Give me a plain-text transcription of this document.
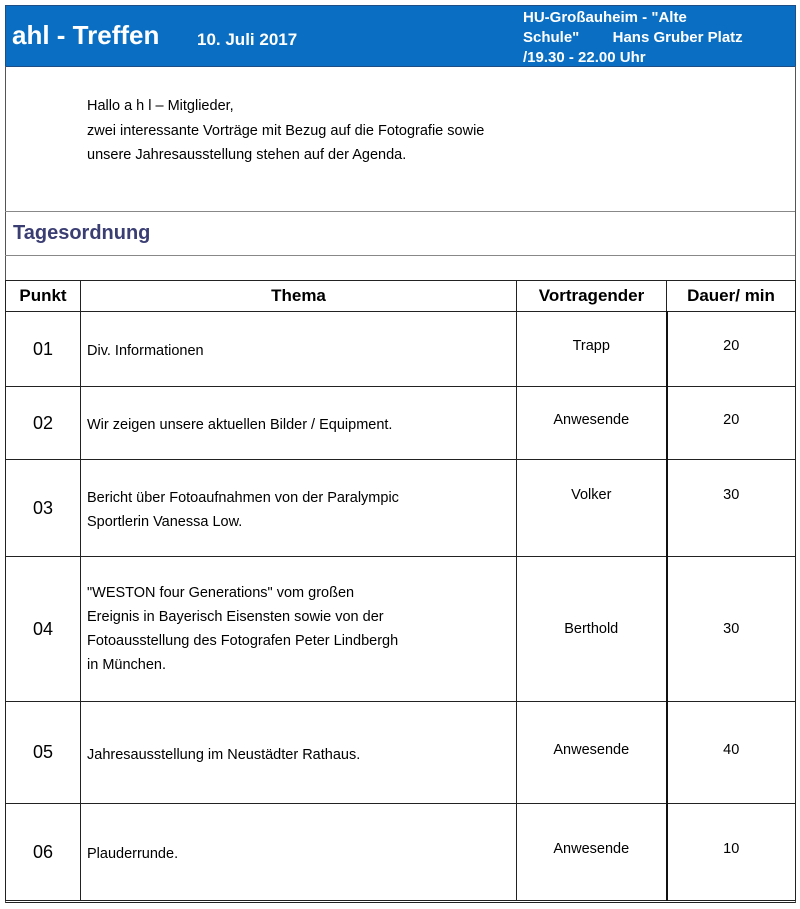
ahl - Treffen 10. Juli 2017
HU-Großauheim - "Alte
Schule"        Hans Gruber Platz
/19.30 - 22.00 Uhr
Hallo a h l – Mitglieder,
zwei interessante Vorträge mit Bezug auf die Fotografie sowie
unsere Jahresausstellung stehen auf der Agenda.
Tagesordnung
Punkt	Thema	Vortragender	Dauer/ min
01	Div. Informationen	Trapp	20
02	Wir zeigen unsere aktuellen Bilder / Equipment.	Anwesende	20
03	Bericht über Fotoaufnahmen von der Paralympic
Sportlerin Vanessa Low.	Volker	30
04	"WESTON four Generations" vom großen
Ereignis in Bayerisch Eisensten sowie von der
Fotoausstellung des Fotografen Peter Lindbergh
in München.	Berthold	30
05	Jahresausstellung im Neustädter Rathaus.	Anwesende	40
06	Plauderrunde.	Anwesende	10
